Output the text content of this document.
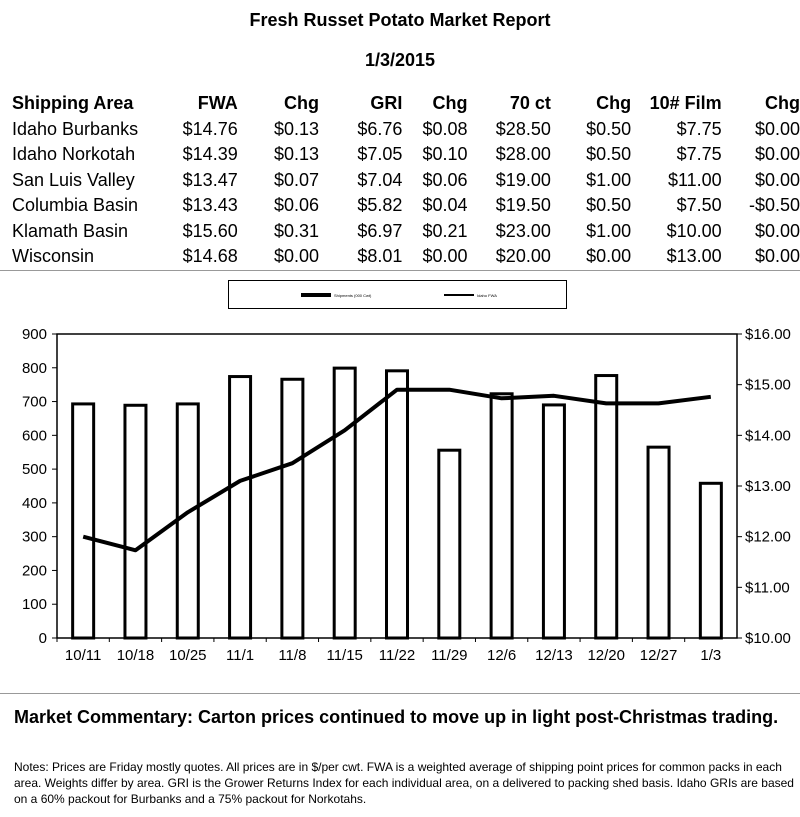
Fresh Russet Potato Market Report
1/3/2015
Shipping Area	FWA	Chg	GRI	Chg	70 ct	Chg	10# Film	Chg
Idaho Burbanks	$14.76	$0.13	$6.76	$0.08	$28.50	$0.50	$7.75	$0.00
Idaho Norkotah	$14.39	$0.13	$7.05	$0.10	$28.00	$0.50	$7.75	$0.00
San Luis Valley	$13.47	$0.07	$7.04	$0.06	$19.00	$1.00	$11.00	$0.00
Columbia Basin	$13.43	$0.06	$5.82	$0.04	$19.50	$0.50	$7.50	-$0.50
Klamath Basin	$15.60	$0.31	$6.97	$0.21	$23.00	$1.00	$10.00	$0.00
Wisconsin	$14.68	$0.00	$8.01	$0.00	$20.00	$0.00	$13.00	$0.00
Shipments (000 Cwt)	Idaho FWA
0
100
200
300
400
500
600
700
800
900
$10.00
$11.00
$12.00
$13.00
$14.00
$15.00
$16.00
10/11 10/18 10/25 11/1 11/8 11/15 11/22 11/29 12/6 12/13 12/20 12/27 1/3
Market Commentary: Carton prices continued to move up in light post-Christmas trading.
Notes: Prices are Friday mostly quotes. All prices are in $/per cwt. FWA is a weighted average of shipping point prices for common packs in each area. Weights differ by area. GRI is the Grower Returns Index for each individual area, on a delivered to packing shed basis. Idaho GRIs are based on a 60% packout for Burbanks and a 75% packout for Norkotahs.
